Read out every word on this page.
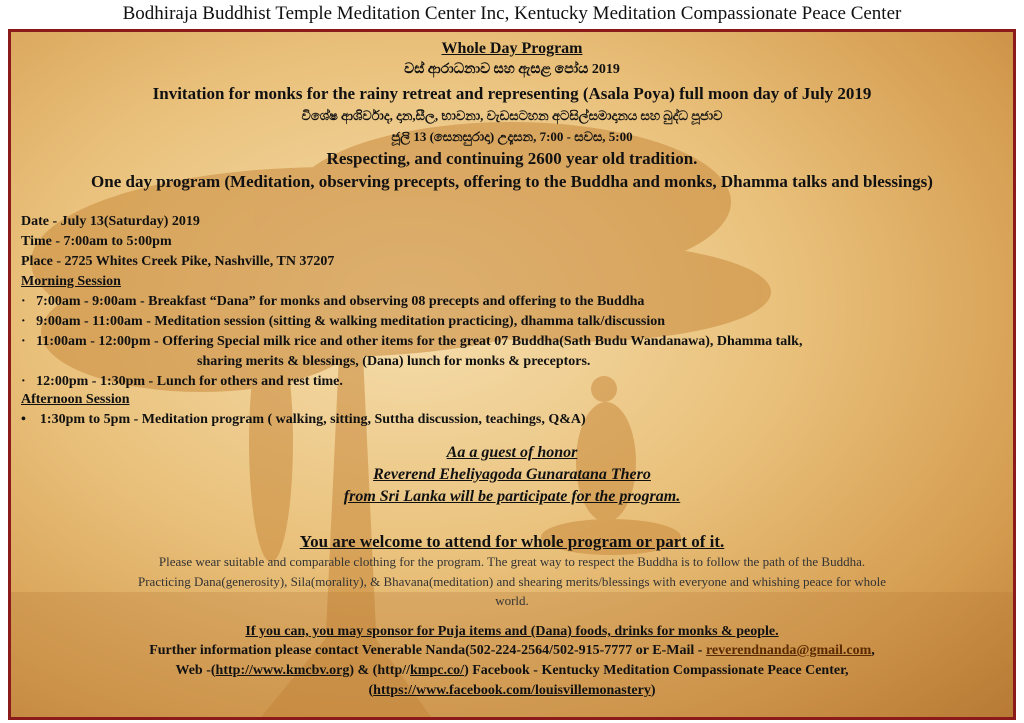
Bodhiraja Buddhist Temple Meditation Center Inc, Kentucky Meditation Compassionate Peace Center
Whole Day Program
වස් ආරාධනාව සහ ඇසළ පෝය 2019
Invitation for monks for the rainy retreat and representing (Asala Poya) full moon day of July 2019
විශේෂ ආශිර්වාද, දාන,සීල, භාවනා, වැඩසටහන අටසිල්සමාදානය සහ බුද්ධ පූජාව
ජූලි 13 (සෙනසුරාදා) උදෑසන, 7:00 - සවස, 5:00
Respecting, and continuing 2600 year old tradition.
One day program (Meditation, observing precepts, offering to the Buddha and monks, Dhamma talks and blessings)
Date - July 13(Saturday) 2019
Time - 7:00am to 5:00pm
Place - 2725 Whites Creek Pike, Nashville, TN 37207
Morning Session
·   7:00am - 9:00am - Breakfast “Dana” for monks and observing 08 precepts and offering to the Buddha
·   9:00am - 11:00am - Meditation session (sitting & walking meditation practicing), dhamma talk/discussion
·   11:00am - 12:00pm - Offering Special milk rice and other items for the great 07 Buddha(Sath Budu Wandanawa), Dhamma talk,
sharing merits & blessings, (Dana) lunch for monks & preceptors.
·   12:00pm - 1:30pm - Lunch for others and rest time.
Afternoon Session
•    1:30pm to 5pm - Meditation program ( walking, sitting, Suttha discussion, teachings, Q&A)
Aa a guest of honor
Reverend Eheliyagoda Gunaratana Thero
from Sri Lanka will be participate for the program.
You are welcome to attend for whole program or part of it.
Please wear suitable and comparable clothing for the program. The great way to respect the Buddha is to follow the path of the Buddha.
Practicing Dana(generosity), Sila(morality), & Bhavana(meditation) and shearing merits/blessings with everyone and whishing peace for whole
world.
If you can, you may sponsor for Puja items and (Dana) foods, drinks for monks & people.
Further information please contact Venerable Nanda(502-224-2564/502-915-7777 or E-Mail - reverendnanda@gmail.com,
Web -(http://www.kmcbv.org) & (http//kmpc.co/) Facebook - Kentucky Meditation Compassionate Peace Center,
(https://www.facebook.com/louisvillemonastery)
